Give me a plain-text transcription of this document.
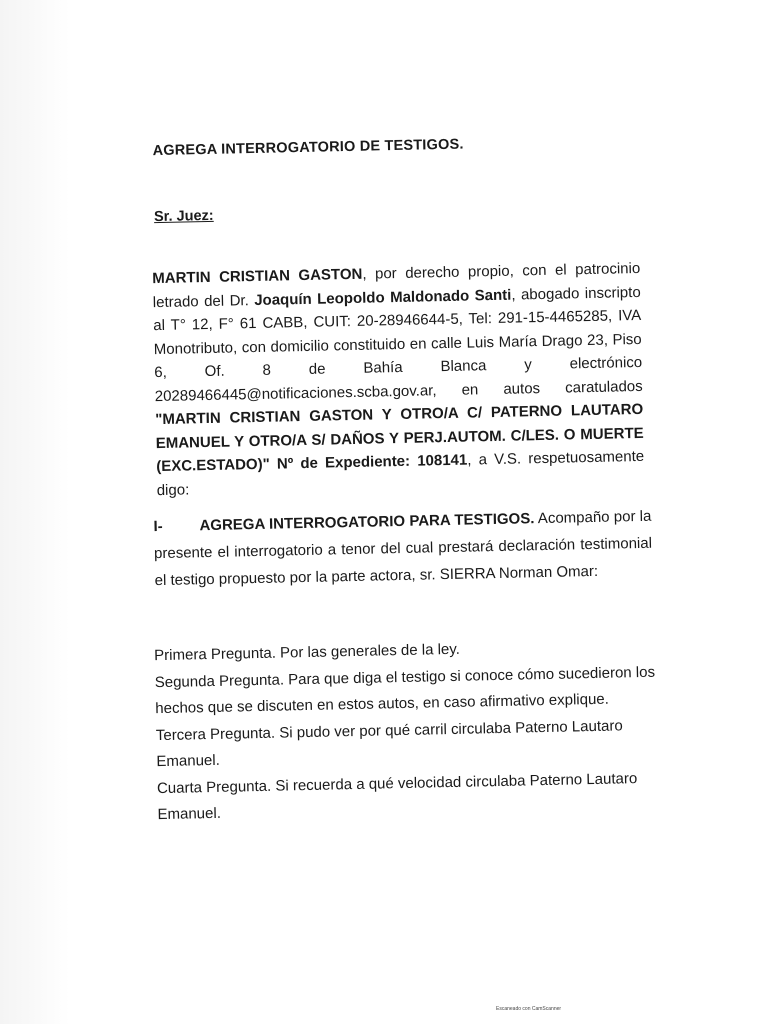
AGREGA INTERROGATORIO DE TESTIGOS.
Sr. Juez:
MARTIN CRISTIAN GASTON, por derecho propio, con el patrocinio letrado del Dr. Joaquín Leopoldo Maldonado Santi, abogado inscripto al T° 12, F° 61 CABB, CUIT: 20-28946644-5, Tel: 291-15-4465285, IVA Monotributo, con domicilio constituido en calle Luis María Drago 23, Piso 6, Of. 8 de Bahía Blanca y electrónico 20289466445@notificaciones.scba.gov.ar, en autos caratulados "MARTIN CRISTIAN GASTON Y OTRO/A C/ PATERNO LAUTARO EMANUEL Y OTRO/A S/ DAÑOS Y PERJ.AUTOM. C/LES. O MUERTE (EXC.ESTADO)" Nº de Expediente: 108141, a V.S. respetuosamente digo:
I- AGREGA INTERROGATORIO PARA TESTIGOS. Acompaño por la presente el interrogatorio a tenor del cual prestará declaración testimonial el testigo propuesto por la parte actora, sr. SIERRA Norman Omar:
Primera Pregunta. Por las generales de la ley.
Segunda Pregunta. Para que diga el testigo si conoce cómo sucedieron los hechos que se discuten en estos autos, en caso afirmativo explique.
Tercera Pregunta. Si pudo ver por qué carril circulaba Paterno Lautaro Emanuel.
Cuarta Pregunta. Si recuerda a qué velocidad circulaba Paterno Lautaro Emanuel.
Escaneado con CamScanner
